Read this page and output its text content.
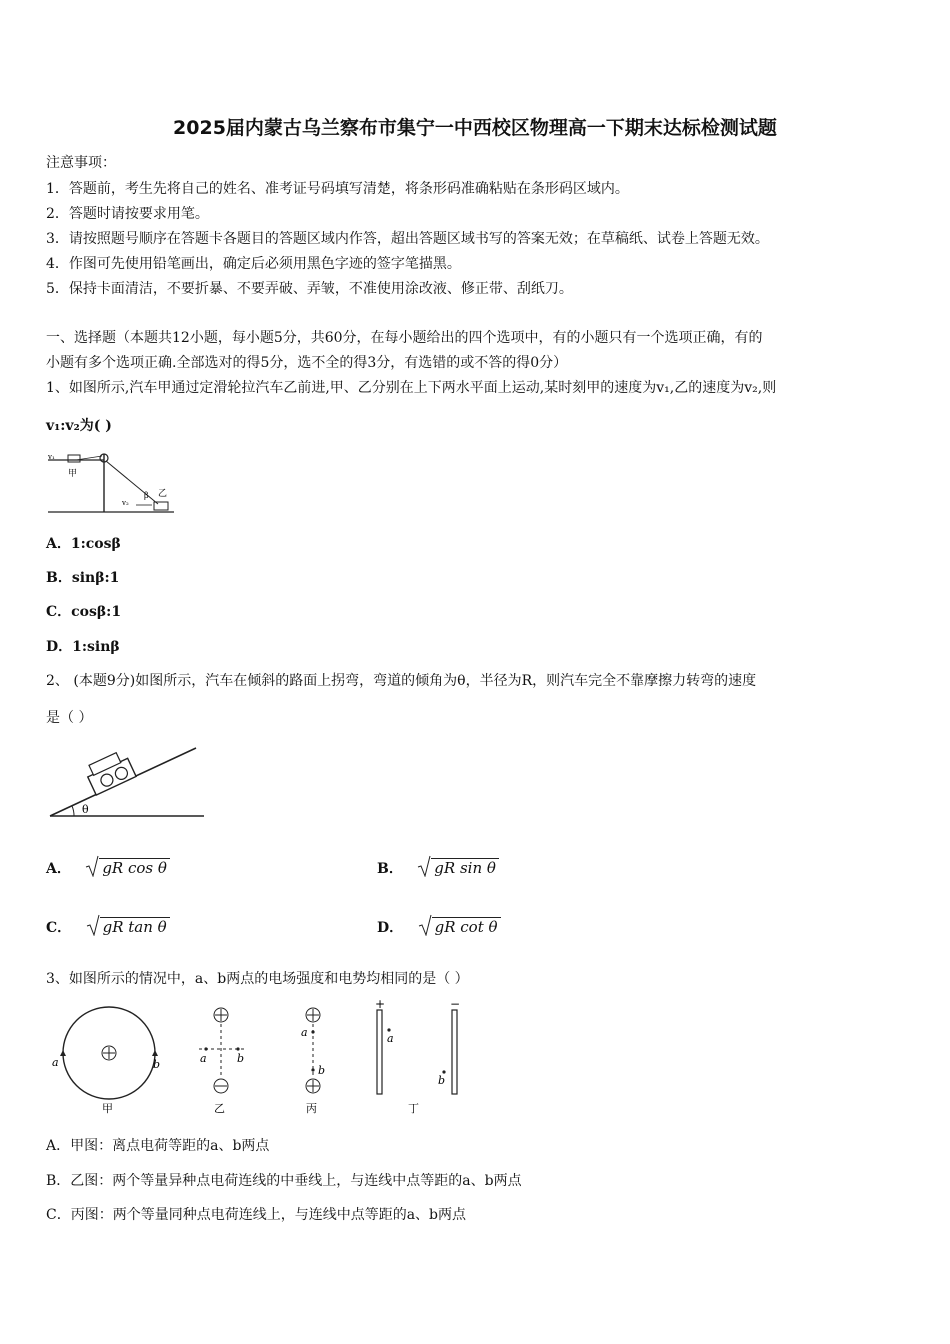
2025届内蒙古乌兰察布市集宁一中西校区物理高一下期末达标检测试题
注意事项：
1．答题前，考生先将自己的姓名、准考证号码填写清楚，将条形码准确粘贴在条形码区域内。
2．答题时请按要求用笔。
3．请按照题号顺序在答题卡各题目的答题区域内作答，超出答题区域书写的答案无效；在草稿纸、试卷上答题无效。
4．作图可先使用铅笔画出，确定后必须用黑色字迹的签字笔描黑。
5．保持卡面清洁，不要折暴、不要弄破、弄皱，不准使用涂改液、修正带、刮纸刀。
一、选择题（本题共12小题，每小题5分，共60分，在每小题给出的四个选项中，有的小题只有一个选项正确，有的
小题有多个选项正确.全部选对的得5分，选不全的得3分，有选错的或不答的得0分）
1、如图所示,汽车甲通过定滑轮拉汽车乙前进,甲、乙分别在上下两水平面上运动,某时刻甲的速度为v₁,乙的速度为v₂,则
v₁:v₂为( )
v₁
甲
v₂
β 乙
A．1:cosβ
B．sinβ:1
C．cosβ:1
D．1:sinβ
2、 (本题9分)如图所示，汽车在倾斜的路面上拐弯，弯道的倾角为θ，半径为R，则汽车完全不靠摩擦力转弯的速度
是（ ）
θ
A． gR cos θ	B． gR sin θ
C． gR tan θ	D． gR cot θ
3、如图所示的情况中，a、b两点的电场强度和电势均相同的是（ ）
a	b	a	b
a
b
+	−
a
b
甲	乙	丙	丁
A．甲图：离点电荷等距的a、b两点
B．乙图：两个等量异种点电荷连线的中垂线上，与连线中点等距的a、b两点
C．丙图：两个等量同种点电荷连线上，与连线中点等距的a、b两点
